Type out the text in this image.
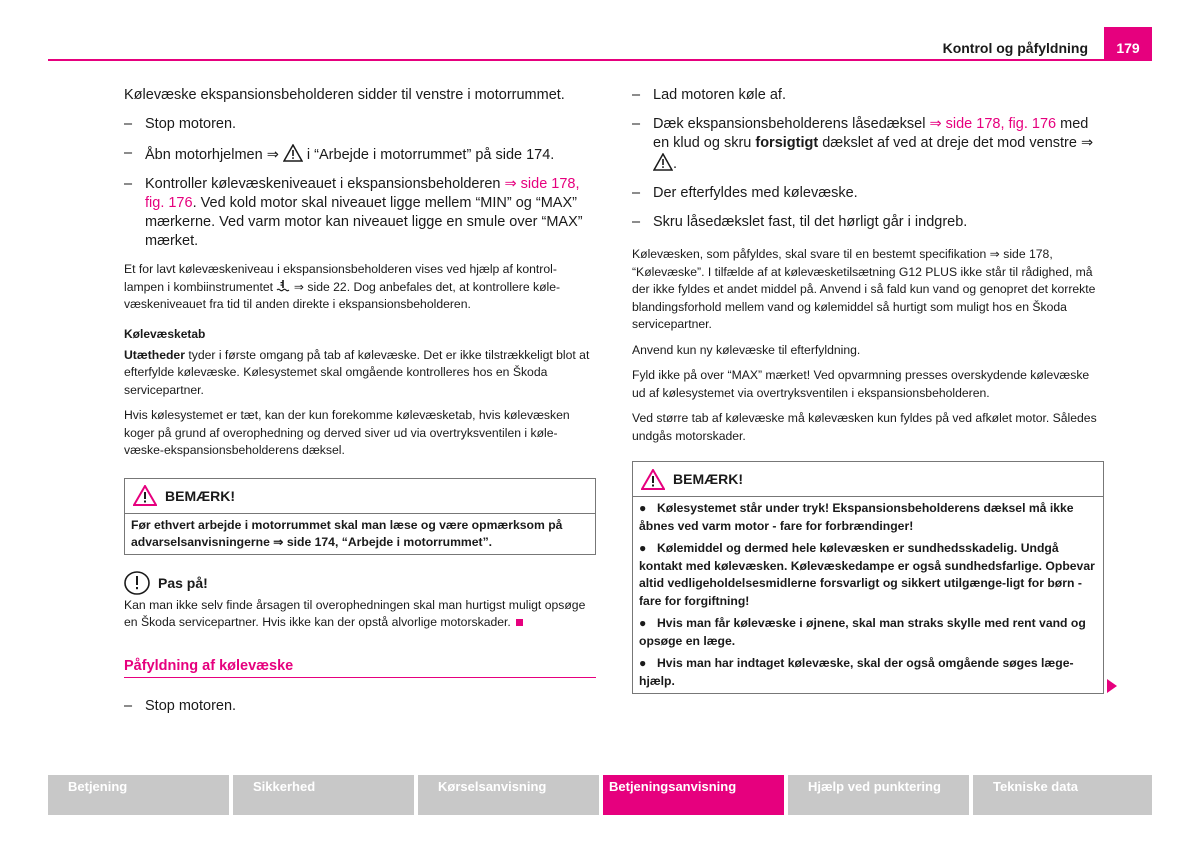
Kontrol og påfyldning	179

Kølevæske ekspansionsbeholderen sidder til venstre i motorrummet.

– Stop motoren.

– Åbn motorhjelmen ⇒  i “Arbejde i motorrummet” på side 174.

– Kontroller kølevæskeniveauet i ekspansionsbeholderen ⇒ side 178, fig. 176. Ved kold motor skal niveauet ligge mellem “MIN” og “MAX” mærkerne. Ved varm motor kan niveauet ligge en smule over “MAX” mærket.

Et for lavt kølevæskeniveau i ekspansionsbeholderen vises ved hjælp af kontrol-lampen i kombiinstrumentet  ⇒ side 22. Dog anbefales det, at kontrollere køle-væskeniveauet fra tid til anden direkte i ekspansionsbeholderen.

Kølevæsketab

Utætheder tyder i første omgang på tab af kølevæske. Det er ikke tilstrækkeligt blot at efterfylde kølevæske. Kølesystemet skal omgående kontrolleres hos en Škoda servicepartner.

Hvis kølesystemet er tæt, kan der kun forekomme kølevæsketab, hvis kølevæsken koger på grund af overophedning og derved siver ud via overtryksventilen i køle-væske-ekspansionsbeholderens dæksel.

BEMÆRK!
Før ethvert arbejde i motorrummet skal man læse og være opmærksom på advarselsanvisningerne ⇒ side 174, “Arbejde i motorrummet”.
Pas på!

Kan man ikke selv finde årsagen til overophedningen skal man hurtigst muligt opsøge en Škoda servicepartner. Hvis ikke kan der opstå alvorlige motorskader.

Påfyldning af kølevæske

– Stop motoren.

– Lad motoren køle af.

– Dæk ekspansionsbeholderens låsedæksel ⇒ side 178, fig. 176 med en klud og skru forsigtigt dækslet af ved at dreje det mod venstre ⇒ .

– Der efterfyldes med kølevæske.

– Skru låsedækslet fast, til det hørligt går i indgreb.

Kølevæsken, som påfyldes, skal svare til en bestemt specifikation ⇒ side 178, “Kølevæske”. I tilfælde af at kølevæsketilsætning G12 PLUS ikke står til rådighed, må der ikke fyldes et andet middel på. Anvend i så fald kun vand og genopret det korrekte blandingsforhold mellem vand og kølemiddel så hurtigt som muligt hos en Škoda servicepartner.

Anvend kun ny kølevæske til efterfyldning.

Fyld ikke på over “MAX” mærket! Ved opvarmning presses overskydende kølevæske ud af kølesystemet via overtryksventilen i ekspansionsbeholderen.

Ved større tab af kølevæske må kølevæsken kun fyldes på ved afkølet motor. Således undgås motorskader.

BEMÆRK!
● Kølesystemet står under tryk! Ekspansionsbeholderens dæksel må ikke åbnes ved varm motor - fare for forbrændinger!
● Kølemiddel og dermed hele kølevæsken er sundhedsskadelig. Undgå kontakt med kølevæsken. Kølevæskedampe er også sundhedsfarlige. Opbevar altid vedligeholdelsesmidlerne forsvarligt og sikkert utilgænge-ligt for børn - fare for forgiftning!
● Hvis man får kølevæske i øjnene, skal man straks skylle med rent vand og opsøge en læge.
● Hvis man har indtaget kølevæske, skal der også omgående søges læge-hjælp.
Betjening	Sikkerhed	Kørselsanvisning	Betjeningsanvisning	Hjælp ved punktering	Tekniske data
